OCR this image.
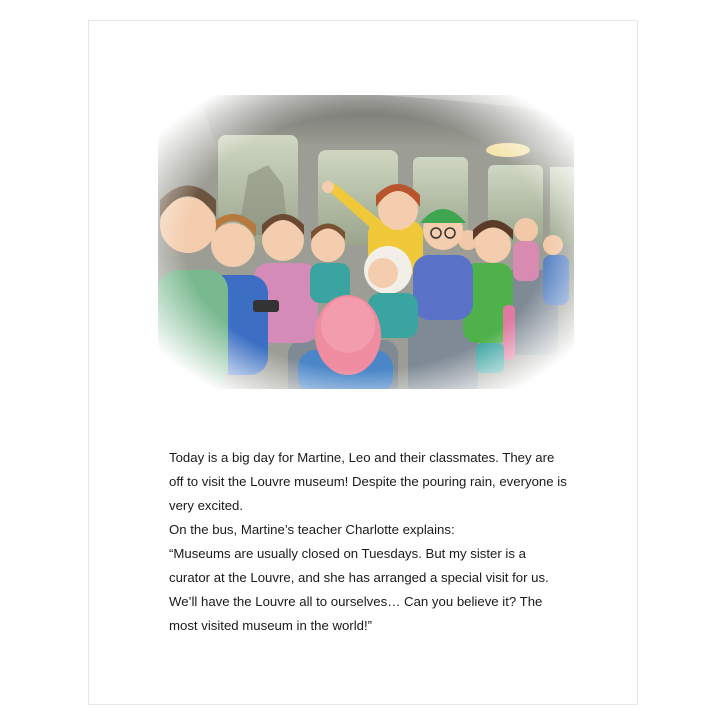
Today is a big day for Martine, Leo and their classmates. They are off to visit the Louvre museum! Despite the pouring rain, everyone is very excited.

On the bus, Martine’s teacher Charlotte explains:

“Museums are usually closed on Tuesdays. But my sister is a curator at the Louvre, and she has arranged a special visit for us. We’ll have the Louvre all to ourselves… Can you believe it? The most visited museum in the world!”
